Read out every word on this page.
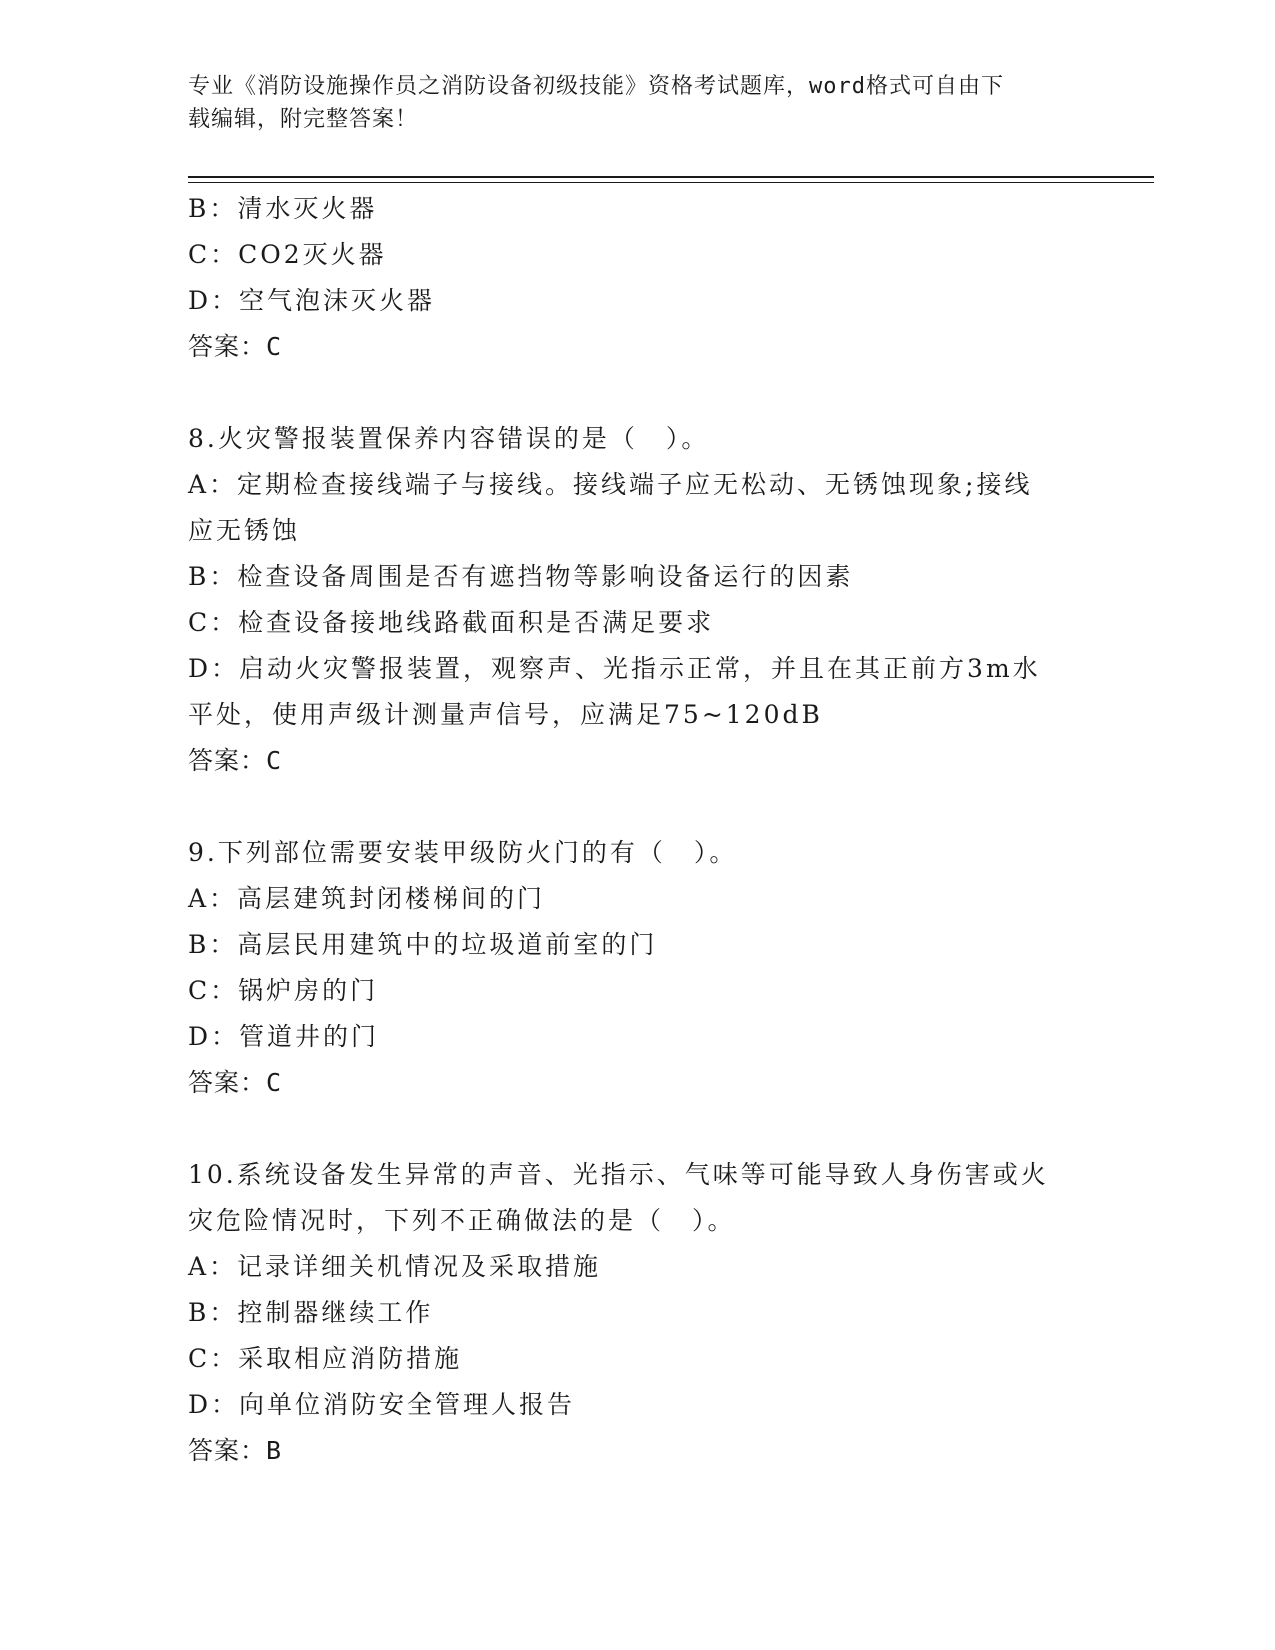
专业《消防设施操作员之消防设备初级技能》资格考试题库，word格式可自由下
载编辑，附完整答案！
B：清水灭火器
C：CO2灭火器
D：空气泡沫灭火器
答案：C
8.火灾警报装置保养内容错误的是（　）。
A：定期检查接线端子与接线。接线端子应无松动、无锈蚀现象;接线
应无锈蚀
B：检查设备周围是否有遮挡物等影响设备运行的因素
C：检查设备接地线路截面积是否满足要求
D：启动火灾警报装置，观察声、光指示正常，并且在其正前方3m水
平处，使用声级计测量声信号，应满足75~120dB
答案：C
9.下列部位需要安装甲级防火门的有（　）。
A：高层建筑封闭楼梯间的门
B：高层民用建筑中的垃圾道前室的门
C：锅炉房的门
D：管道井的门
答案：C
10.系统设备发生异常的声音、光指示、气味等可能导致人身伤害或火
灾危险情况时，下列不正确做法的是（　）。
A：记录详细关机情况及采取措施
B：控制器继续工作
C：采取相应消防措施
D：向单位消防安全管理人报告
答案：B
